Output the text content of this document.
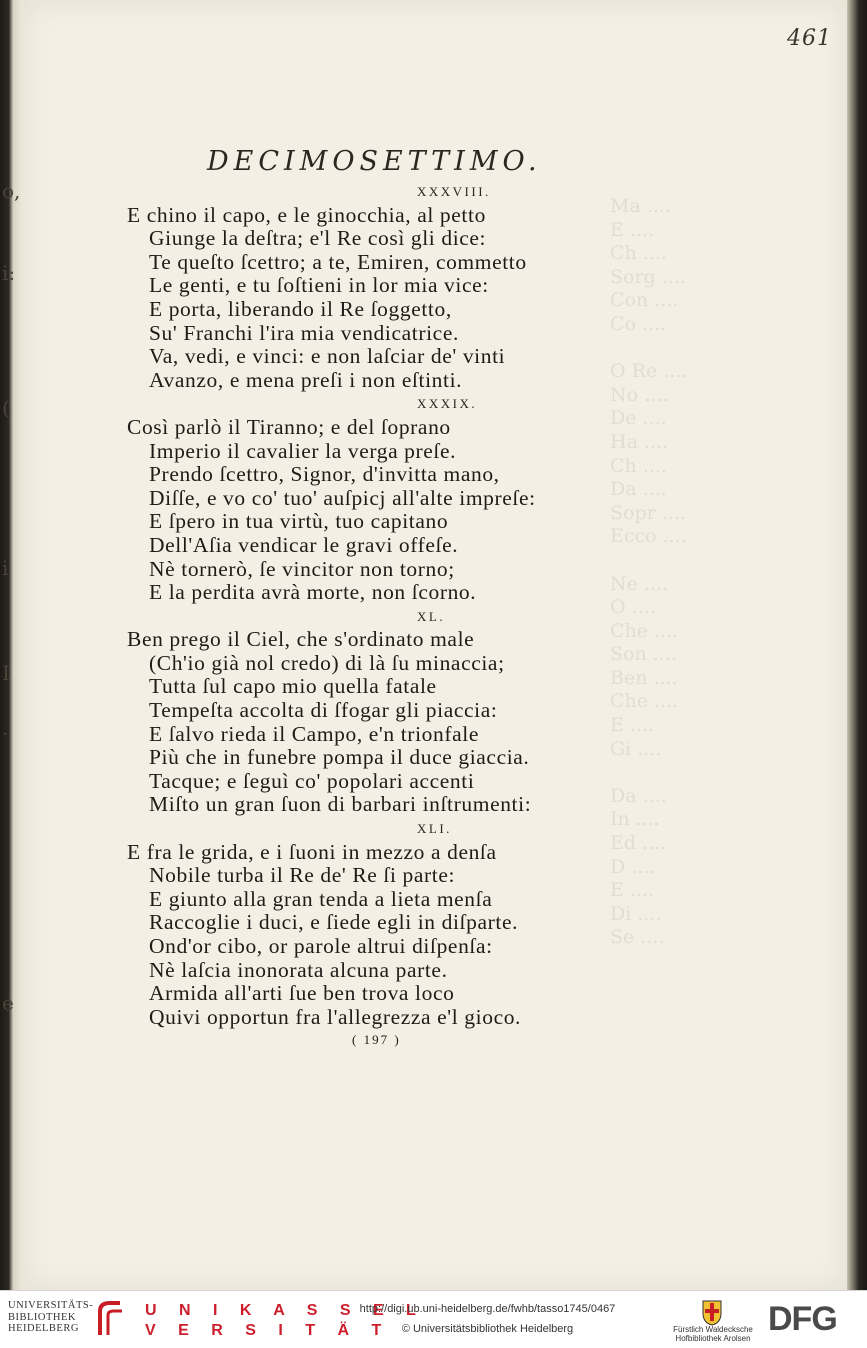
o,
i:
(
i
I
.
e
Ma ....
E ....
Ch ....
Sorg ....
Con ....
Co ....

O Re ....
No ....
De ....
Ha ....
Ch ....
Da ....
Sopr ....
Ecco ....

Ne ....
O ....
Che ....
Son ....
Ben ....
Che ....
E ....
Gi ....

Da ....
In ....
Ed ....
D ....
E ....
Di ....
Se ....
461
DECIMOSETTIMO.
XXXVIII.
E chino il capo, e le ginocchia, al petto
Giunge la deſtra; e'l Re così gli dice:
Te queſto ſcettro; a te, Emiren, commetto
Le genti, e tu ſoſtieni in lor mia vice:
E porta, liberando il Re ſoggetto,
Su' Franchi l'ira mia vendicatrice.
Va, vedi, e vinci: e non laſciar de' vinti
Avanzo, e mena preſi i non eſtinti.
XXXIX.
Così parlò il Tiranno; e del ſoprano
Imperio il cavalier la verga preſe.
Prendo ſcettro, Signor, d'invitta mano,
Diſſe, e vo co' tuo' auſpicj all'alte impreſe:
E ſpero in tua virtù, tuo capitano
Dell'Aſia vendicar le gravi offeſe.
Nè tornerò, ſe vincitor non torno;
E la perdita avrà morte, non ſcorno.
XL.
Ben prego il Ciel, che s'ordinato male
(Ch'io già nol credo) di là ſu minaccia;
Tutta ſul capo mio quella fatale
Tempeſta accolta di ſfogar gli piaccia:
E ſalvo rieda il Campo, e'n trionfale
Più che in funebre pompa il duce giaccia.
Tacque; e ſeguì co' popolari accenti
Miſto un gran ſuon di barbari inſtrumenti:
XLI.
E fra le grida, e i ſuoni in mezzo a denſa
Nobile turba il Re de' Re ſi parte:
E giunto alla gran tenda a lieta menſa
Raccoglie i duci, e ſiede egli in diſparte.
Ond'or cibo, or parole altrui diſpenſa:
Nè laſcia inonorata alcuna parte.
Armida all'arti ſue ben trova loco
Quivi opportun fra l'allegrezza e'l gioco.
( 197 )
UNIVERSITÄTS-
BIBLIOTHEK
HEIDELBERG
U N I K A S S E L
V E R S I T Ä T
http://digi.ub.uni-heidelberg.de/fwhb/tasso1745/0467
© Universitätsbibliothek Heidelberg	Fürstlich Waldecksche
Hofbibliothek Arolsen
DFG
